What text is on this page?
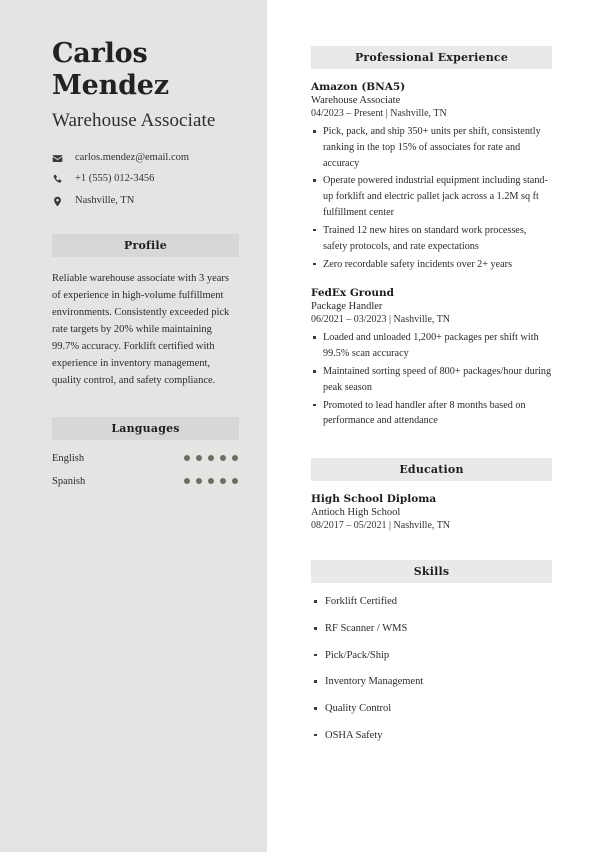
Carlos
Mendez
Warehouse Associate
carlos.mendez@email.com
+1 (555) 012-3456
Nashville, TN
Profile
Reliable warehouse associate with 3 years of experience in high-volume fulfillment environments. Consistently exceeded pick rate targets by 20% while maintaining 99.7% accuracy. Forklift certified with experience in inventory management, quality control, and safety compliance.
Languages
English
Spanish
Professional Experience
Amazon (BNA5)
Warehouse Associate
04/2023 – Present | Nashville, TN
Pick, pack, and ship 350+ units per shift, consistently ranking in the top 15% of associates for rate and accuracy
Operate powered industrial equipment including stand-up forklift and electric pallet jack across a 1.2M sq ft fulfillment center
Trained 12 new hires on standard work processes, safety protocols, and rate expectations
Zero recordable safety incidents over 2+ years
FedEx Ground
Package Handler
06/2021 – 03/2023 | Nashville, TN
Loaded and unloaded 1,200+ packages per shift with 99.5% scan accuracy
Maintained sorting speed of 800+ packages/hour during peak season
Promoted to lead handler after 8 months based on performance and attendance
Education
High School Diploma
Antioch High School
08/2017 – 05/2021 | Nashville, TN
Skills
Forklift Certified
RF Scanner / WMS
Pick/Pack/Ship
Inventory Management
Quality Control
OSHA Safety
